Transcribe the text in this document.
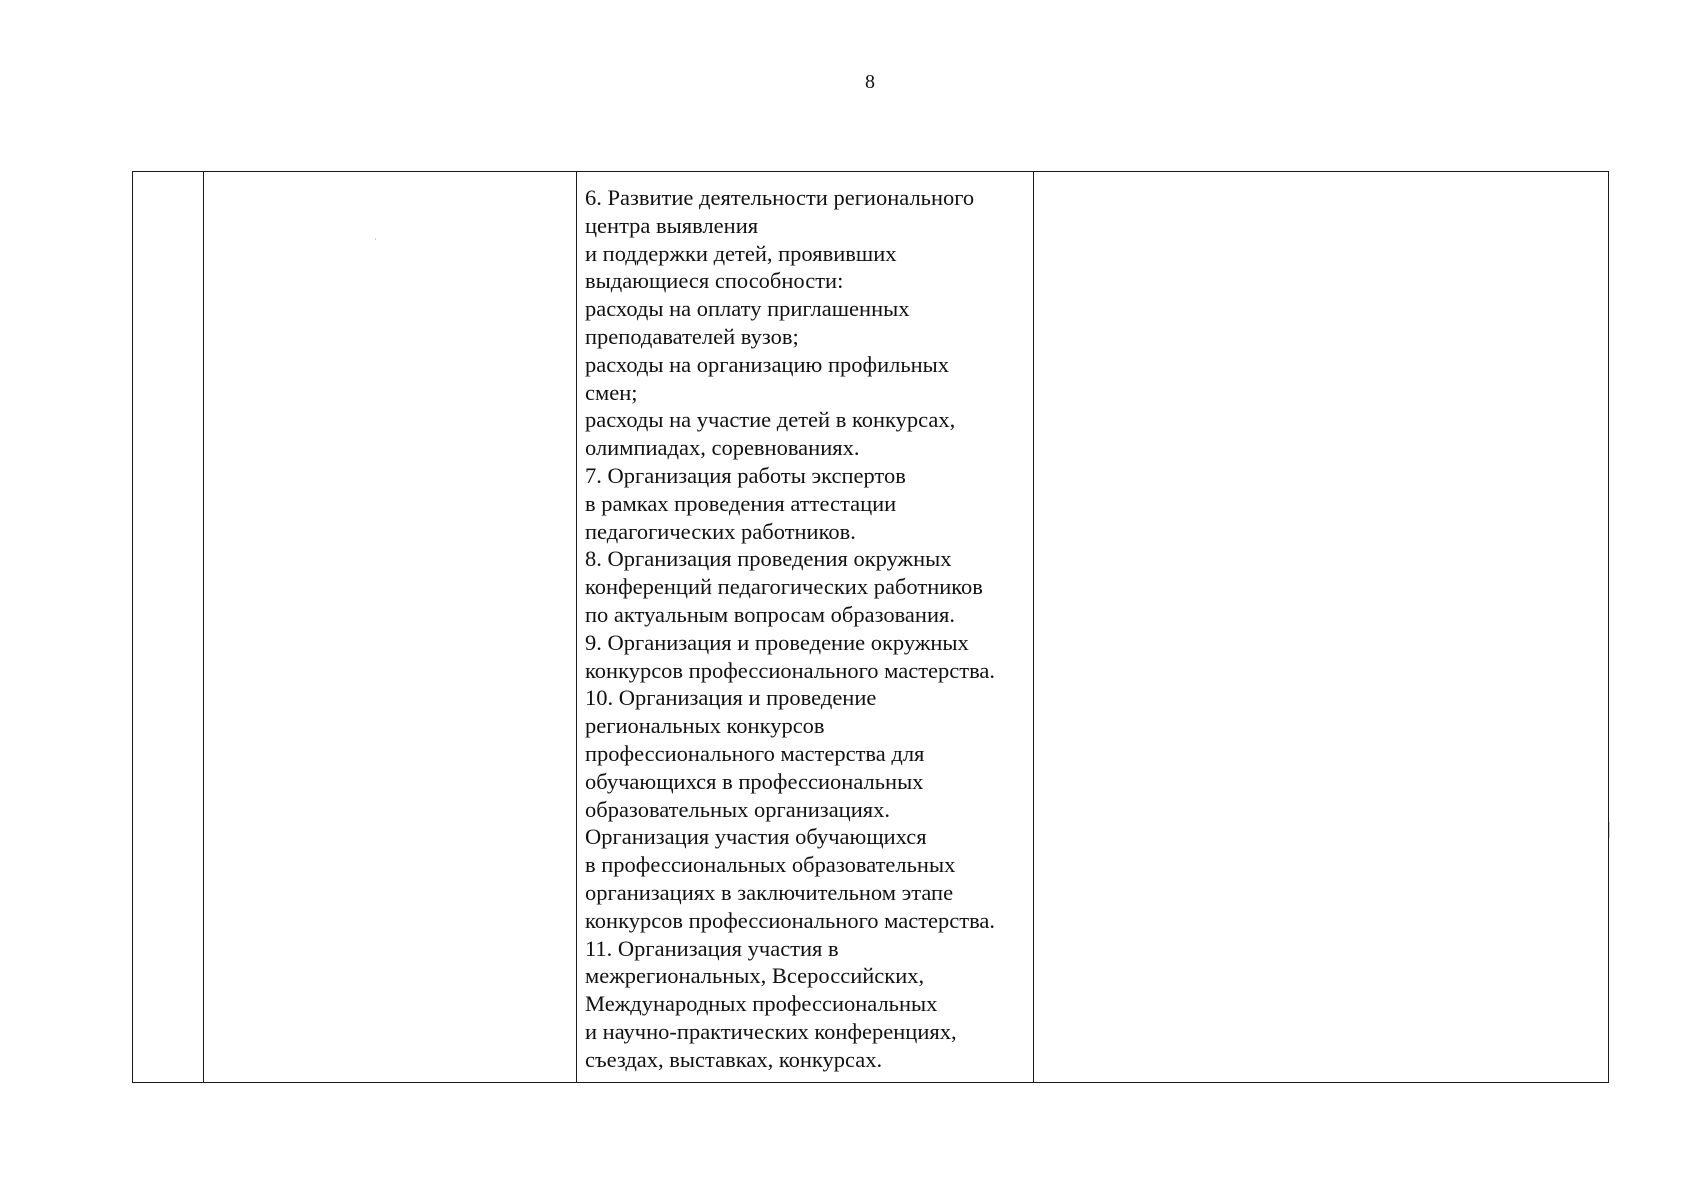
8

6. Развитие деятельности регионального
центра выявления
и поддержки детей, проявивших
выдающиеся способности:
расходы на оплату приглашенных
преподавателей вузов;
расходы на организацию профильных
смен;
расходы на участие детей в конкурсах,
олимпиадах, соревнованиях.
7. Организация работы экспертов
в рамках проведения аттестации
педагогических работников.
8. Организация проведения окружных
конференций педагогических работников
по актуальным вопросам образования.
9. Организация и проведение окружных
конкурсов профессионального мастерства.
10. Организация и проведение
региональных конкурсов
профессионального мастерства для
обучающихся в профессиональных
образовательных организациях.
Организация участия обучающихся
в профессиональных образовательных
организациях в заключительном этапе
конкурсов профессионального мастерства.
11. Организация участия в
межрегиональных, Всероссийских,
Международных профессиональных
и научно-практических конференциях,
съездах, выставках, конкурсах.
